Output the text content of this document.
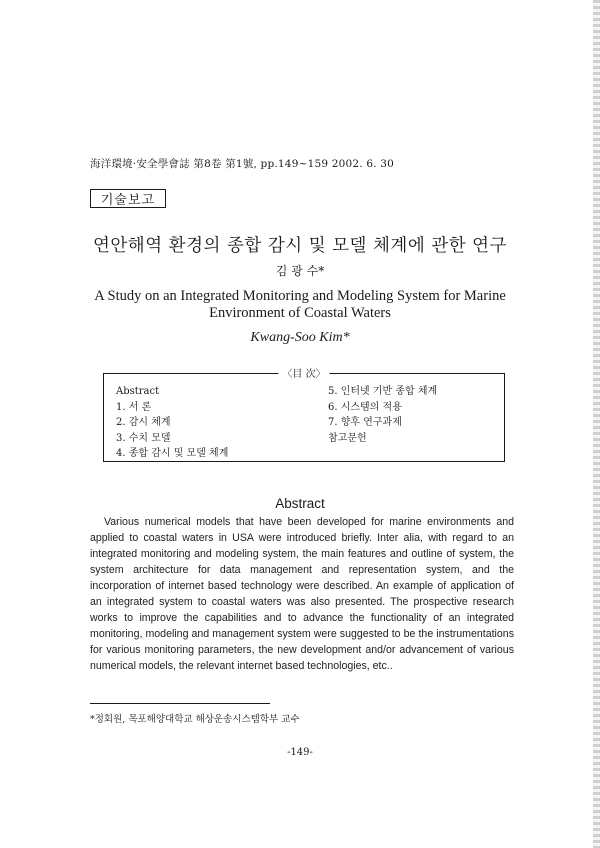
海洋環境·安全學會誌 第8卷 第1號, pp.149~159 2002. 6. 30
기술보고
연안해역 환경의 종합 감시 및 모델 체계에 관한 연구
김 광 수*
A Study on an Integrated Monitoring and Modeling System for Marine
Environment of Coastal Waters
Kwang-Soo Kim*
〈目 次〉
Abstract
1. 서 론
2. 감시 체계
3. 수치 모델
4. 종합 감시 및 모델 체계
5. 인터넷 기반 종합 체계
6. 시스템의 적용
7. 향후 연구과제
참고문헌
Abstract
Various numerical models that have been developed for marine environments and applied to coastal waters in USA were introduced briefly. Inter alia, with regard to an integrated monitoring and modeling system, the main features and outline of system, the system architecture for data management and representation system, and the incorporation of internet based technology were described. An example of application of an integrated system to coastal waters was also presented. The prospective research works to improve the capabilities and to advance the functionality of an integrated monitoring, modeling and management system were suggested to be the instrumentations for various monitoring parameters, the new development and/or advancement of various numerical models, the relevant internet based technologies, etc..
*정회원, 목포해양대학교 해상운송시스템학부 교수
-149-
